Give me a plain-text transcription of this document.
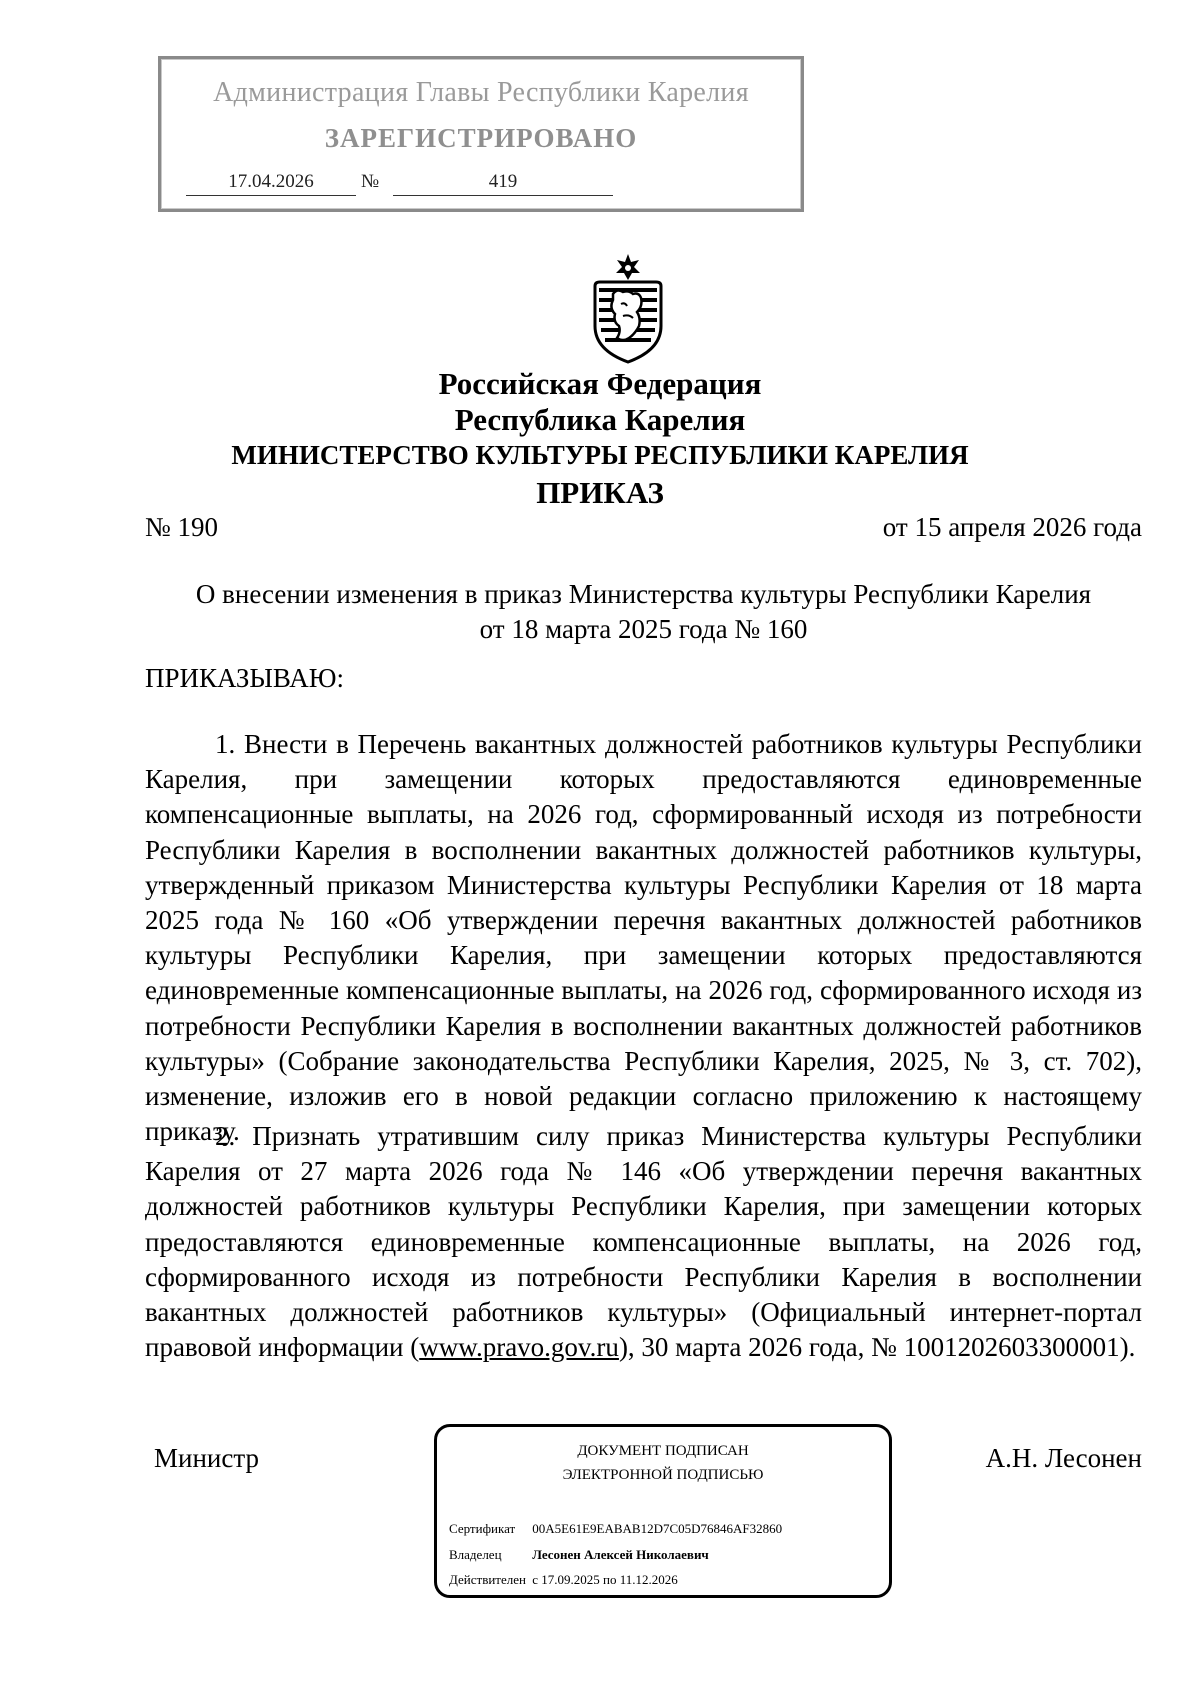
Администрация Главы Республики Карелия
ЗАРЕГИСТРИРОВАНО
17.04.2026	№	419
Российская Федерация
Республика Карелия
МИНИСТЕРСТВО КУЛЬТУРЫ РЕСПУБЛИКИ КАРЕЛИЯ
ПРИКАЗ
№ 190	от 15 апреля 2026 года
О внесении изменения в приказ Министерства культуры Республики Карелия
от 18 марта 2025 года № 160
ПРИКАЗЫВАЮ:

1. Внести в Перечень вакантных должностей работников культуры Республики Карелия, при замещении которых предоставляются единовременные компенсационные выплаты, на 2026 год, сформированный исходя из потребности Республики Карелия в восполнении вакантных должностей работников культуры, утвержденный приказом Министерства культуры Республики Карелия от 18 марта 2025 года № 160 «Об утверждении перечня вакантных должностей работников культуры Республики Карелия, при замещении которых предоставляются единовременные компенсационные выплаты, на 2026 год, сформированного исходя из потребности Республики Карелия в восполнении вакантных должностей работников культуры» (Собрание законодательства Республики Карелия, 2025, № 3, ст. 702), изменение, изложив его в новой редакции согласно приложению к настоящему приказу.

2. Признать утратившим силу приказ Министерства культуры Республики Карелия от 27 марта 2026 года № 146 «Об утверждении перечня вакантных должностей работников культуры Республики Карелия, при замещении которых предоставляются единовременные компенсационные выплаты, на 2026 год, сформированного исходя из потребности Республики Карелия в восполнении вакантных должностей работников культуры» (Официальный интернет-портал правовой информации (www.pravo.gov.ru), 30 марта 2026 года, № 1001202603300001).

Министр	ДОКУМЕНТ ПОДПИСАН
ЭЛЕКТРОННОЙ ПОДПИСЬЮ
Сертификат 00A5E61E9EABAB12D7C05D76846AF32860
Владелец Лесонен Алексей Николаевич
Действителен с 17.09.2025 по 11.12.2026
А.Н. Лесонен
